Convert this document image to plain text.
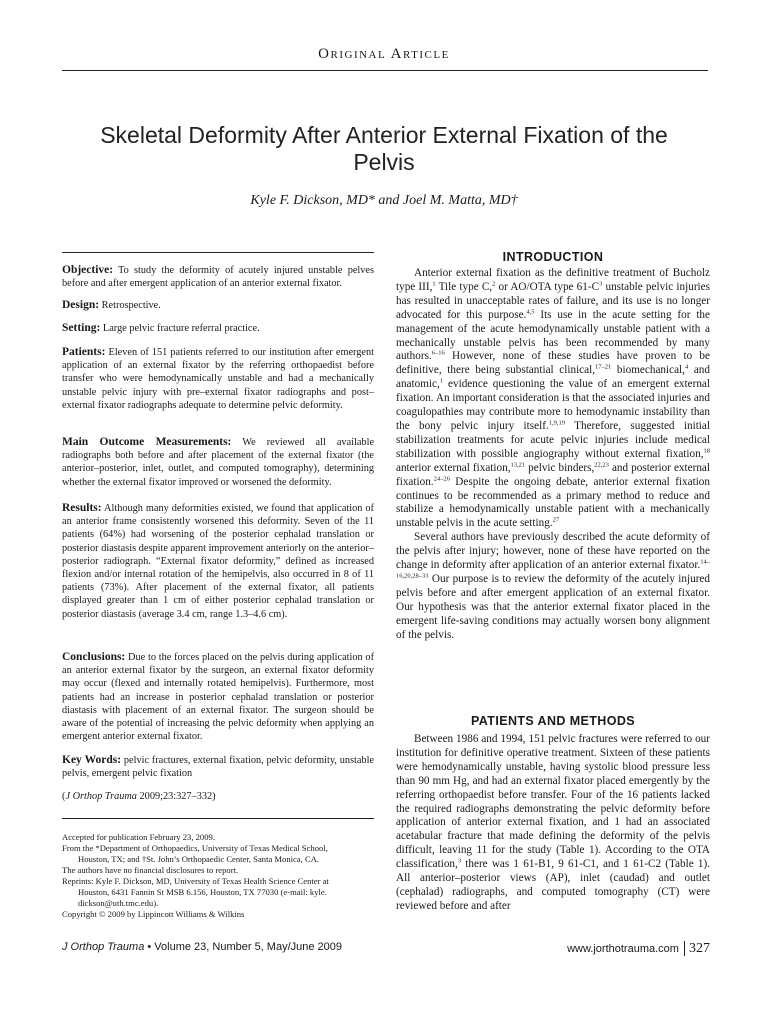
Original Article
Skeletal Deformity After Anterior External Fixation of the Pelvis
Kyle F. Dickson, MD* and Joel M. Matta, MD†
Objective: To study the deformity of acutely injured unstable pelves before and after emergent application of an anterior external fixator.
Design: Retrospective.
Setting: Large pelvic fracture referral practice.
Patients: Eleven of 151 patients referred to our institution after emergent application of an external fixator by the referring orthopaedist before transfer who were hemodynamically unstable and had a mechanically unstable pelvic injury with pre–external fixator radiographs and post–external fixator radiographs adequate to determine pelvic deformity.
Main Outcome Measurements: We reviewed all available radiographs both before and after placement of the external fixator (the anterior–posterior, inlet, outlet, and computed tomography), determining whether the external fixator improved or worsened the deformity.
Results: Although many deformities existed, we found that application of an anterior frame consistently worsened this deformity. Seven of the 11 patients (64%) had worsening of the posterior cephalad translation or posterior diastasis despite apparent improvement anteriorly on the anterior–posterior radiograph. “External fixator deformity,” defined as increased flexion and/or internal rotation of the hemipelvis, also occurred in 8 of 11 patients (73%). After placement of the external fixator, all patients displayed greater than 1 cm of either posterior cephalad translation or posterior diastasis (average 3.4 cm, range 1.3–4.6 cm).
Conclusions: Due to the forces placed on the pelvis during application of an anterior external fixator by the surgeon, an external fixator deformity may occur (flexed and internally rotated hemipelvis). Furthermore, most patients had an increase in posterior cephalad translation or posterior diastasis with placement of an external fixator. The surgeon should be aware of the potential of increasing the pelvic deformity when applying an emergent anterior external fixator.
Key Words: pelvic fractures, external fixation, pelvic deformity, unstable pelvis, emergent pelvic fixation
(J Orthop Trauma 2009;23:327–332)

Accepted for publication February 23, 2009.

From the *Department of Orthopaedics, University of Texas Medical School,

Houston, TX; and †St. John’s Orthopaedic Center, Santa Monica, CA.

The authors have no financial disclosures to report.

Reprints: Kyle F. Dickson, MD, University of Texas Health Science Center at

Houston, 6431 Fannin St MSB 6.156, Houston, TX 77030 (e-mail: kyle.

dickson@uth.tmc.edu).

Copyright © 2009 by Lippincott Williams & Wilkins

J Orthop Trauma • Volume 23, Number 5, May/June 2009	www.jorthotrauma.com 327
INTRODUCTION

Anterior external fixation as the definitive treatment of Bucholz type III,$^1$ Tile type C,$^2$ or AO/OTA type $61-C^3$ unstable pelvic injuries has resulted in unacceptable rates of failure, and its use is no longer advocated for this purpose.$^{4,5}$ Its use in the acute setting for the management of the acute hemodynamically unstable patient with a mechanically unstable pelvis has been recommended by many authors.$^{6-16}$ However, none of these studies have proven to be definitive, there being substantial clinical,$^{17-21}$ biomechanical,$^4$ and anatomic,$^1$ evidence questioning the value of an emergent external fixation. An important consideration is that the associated injuries and coagulopathies may contribute more to hemodynamic instability than the bony pelvic injury itself.$^{1,9,19}$ Therefore, suggested initial stabilization treatments for acute pelvic injuries include medical stabilization with possible angiography without external fixation,$^{18}$ anterior external fixation,$^{13,21}$ pelvic binders,$^{22,23}$ and posterior external fixation.$^{24-26}$ Despite the ongoing debate, anterior external fixation continues to be recommended as a primary method to reduce and stabilize a hemodynamically unstable patient with a mechanically unstable pelvis in the acute setting.$^{27}$

Several authors have previously described the acute deformity of the pelvis after injury; however, none of these have reported on the change in deformity after application of an anterior external fixator.$^{14-16,20,28-33}$ Our purpose is to review the deformity of the acutely injured pelvis before and after emergent application of an external fixator. Our hypothesis was that the anterior external fixator placed in the emergent life-saving conditions may actually worsen bony alignment of the pelvis.

PATIENTS AND METHODS

Between 1986 and 1994, 151 pelvic fractures were referred to our institution for definitive operative treatment. Sixteen of these patients were hemodynamically unstable, having systolic blood pressure less than 90 mm Hg, and had an external fixator placed emergently by the referring orthopaedist before transfer. Four of the 16 patients lacked the required radiographs demonstrating the pelvic deformity before application of anterior external fixation, and 1 had an associated acetabular fracture that made defining the deformity of the pelvis difficult, leaving 11 for the study (Table 1). According to the OTA classification,$^3$ there was 1 61-B1, 9 61-C1, and 1 61-C2 (Table 1). All anterior–posterior views (AP), inlet (caudad) and outlet (cephalad) radiographs, and computed tomography (CT) were reviewed before and after
